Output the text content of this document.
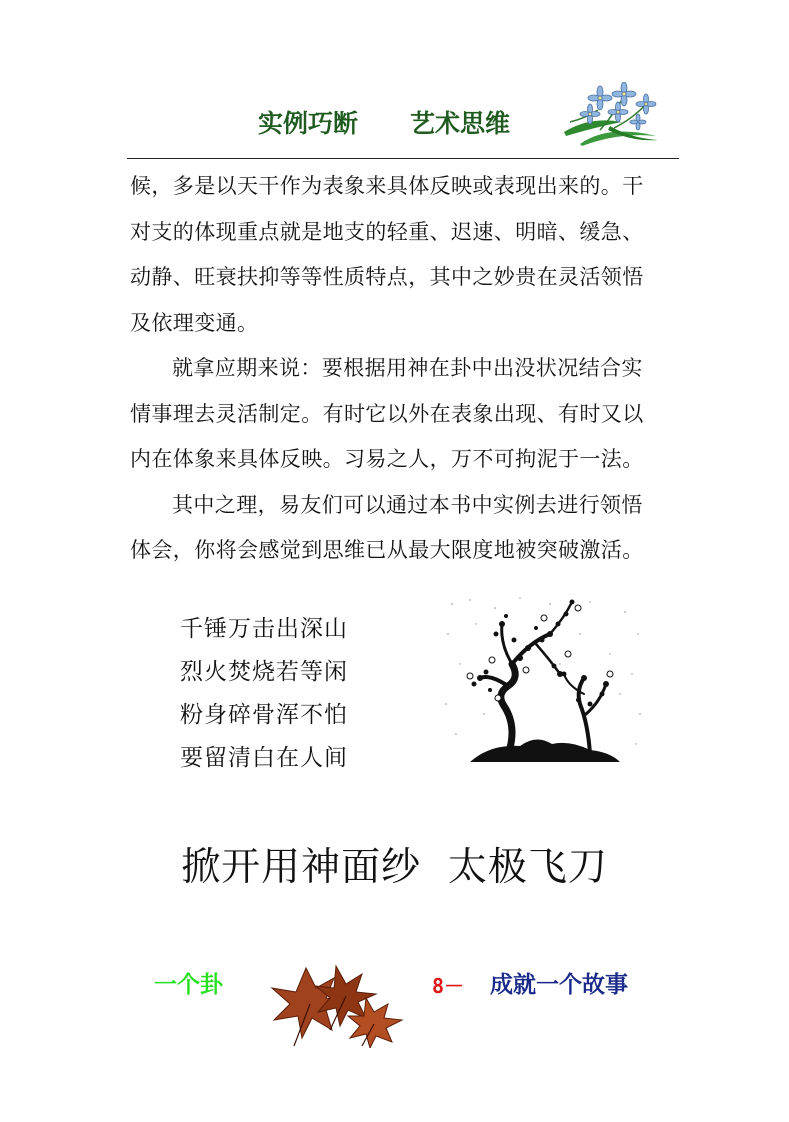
实例巧断 艺术思维

候，多是以天干作为表象来具体反映或表现出来的。干
对支的体现重点就是地支的轻重、迟速、明暗、缓急、
动静、旺衰扶抑等等性质特点，其中之妙贵在灵活领悟
及依理变通。

就拿应期来说：要根据用神在卦中出没状况结合实
情事理去灵活制定。有时它以外在表象出现、有时又以
内在体象来具体反映。习易之人，万不可拘泥于一法。

其中之理，易友们可以通过本书中实例去进行领悟
体会，你将会感觉到思维已从最大限度地被突破激活。

千锤万击出深山
烈火焚烧若等闲
粉身碎骨浑不怕
要留清白在人间
掀开用神面纱  太极飞刀
一个卦	8－ 成就一个故事
